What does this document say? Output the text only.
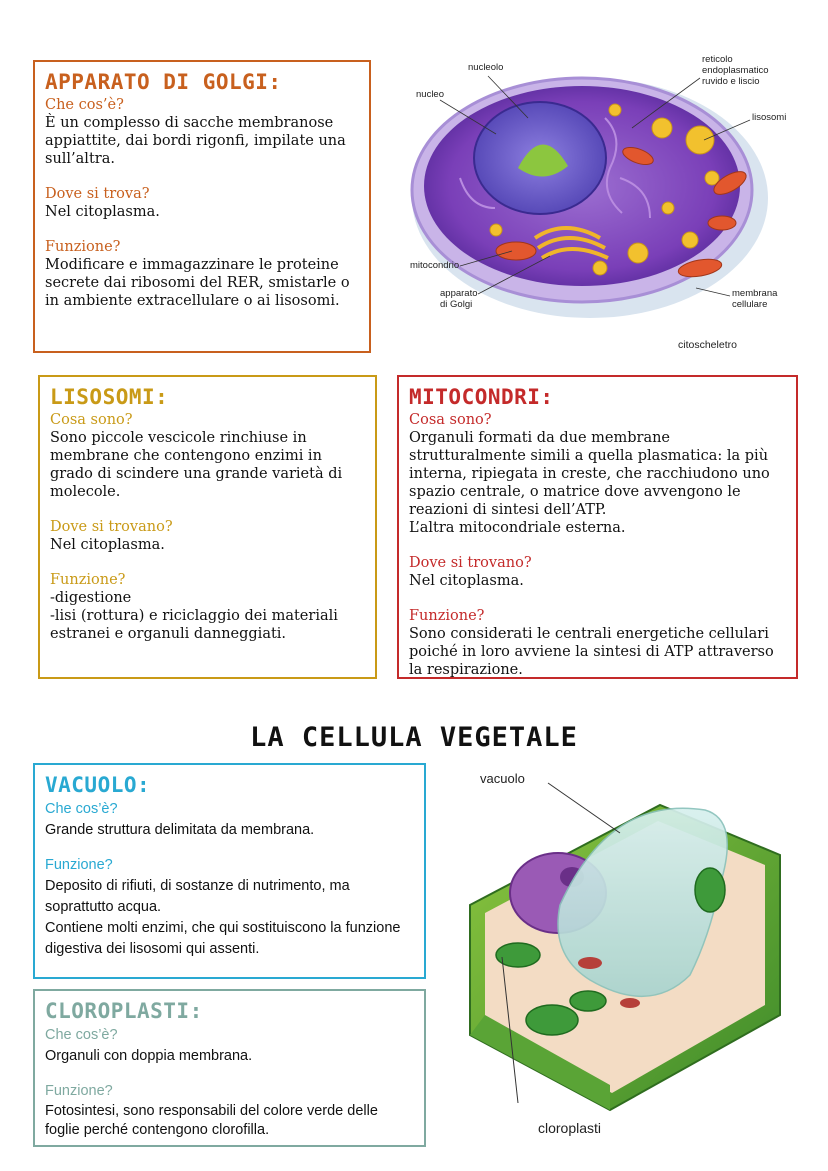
APPARATO DI GOLGI:

Che cos’è?

È un complesso di sacche membranose appiattite, dai bordi rigonfi, impilate una sull’altra.

Dove si trova?

Nel citoplasma.

Funzione?

Modificare e immagazzinare le proteine secrete dai ribosomi del RER, smistarle o in ambiente extracellulare o ai lisosomi.

nucleolo
nucleo
reticolo
endoplasmatico
ruvido e liscio
lisosomi
mitocondrio
apparato
di Golgi
membrana
cellulare
citoscheletro
LISOSOMI:

Cosa sono?

Sono piccole vescicole rinchiuse in membrane che contengono enzimi in grado di scindere una grande varietà di molecole.

Dove si trovano?

Nel citoplasma.

Funzione?

-digestione
-lisi (rottura) e riciclaggio dei materiali estranei e organuli danneggiati.

MITOCONDRI:

Cosa sono?

Organuli formati da due membrane strutturalmente simili a quella plasmatica: la più interna, ripiegata in creste, che racchiudono uno spazio centrale, o matrice dove avvengono le reazioni di sintesi dell’ATP.
L’altra mitocondriale esterna.

Dove si trovano?

Nel citoplasma.

Funzione?

Sono considerati le centrali energetiche cellulari poiché in loro avviene la sintesi di ATP attraverso la respirazione.

LA CELLULA VEGETALE
VACUOLO:

Che cos’è?

Grande struttura delimitata da membrana.

Funzione?

Deposito di rifiuti, di sostanze di nutrimento, ma soprattutto acqua.
Contiene molti enzimi, che qui sostituiscono la funzione digestiva dei lisosomi qui assenti.

CLOROPLASTI:

Che cos’è?

Organuli con doppia membrana.

Funzione?

Fotosintesi, sono responsabili del colore verde delle foglie perché contengono clorofilla.

vacuolo
cloroplasti
